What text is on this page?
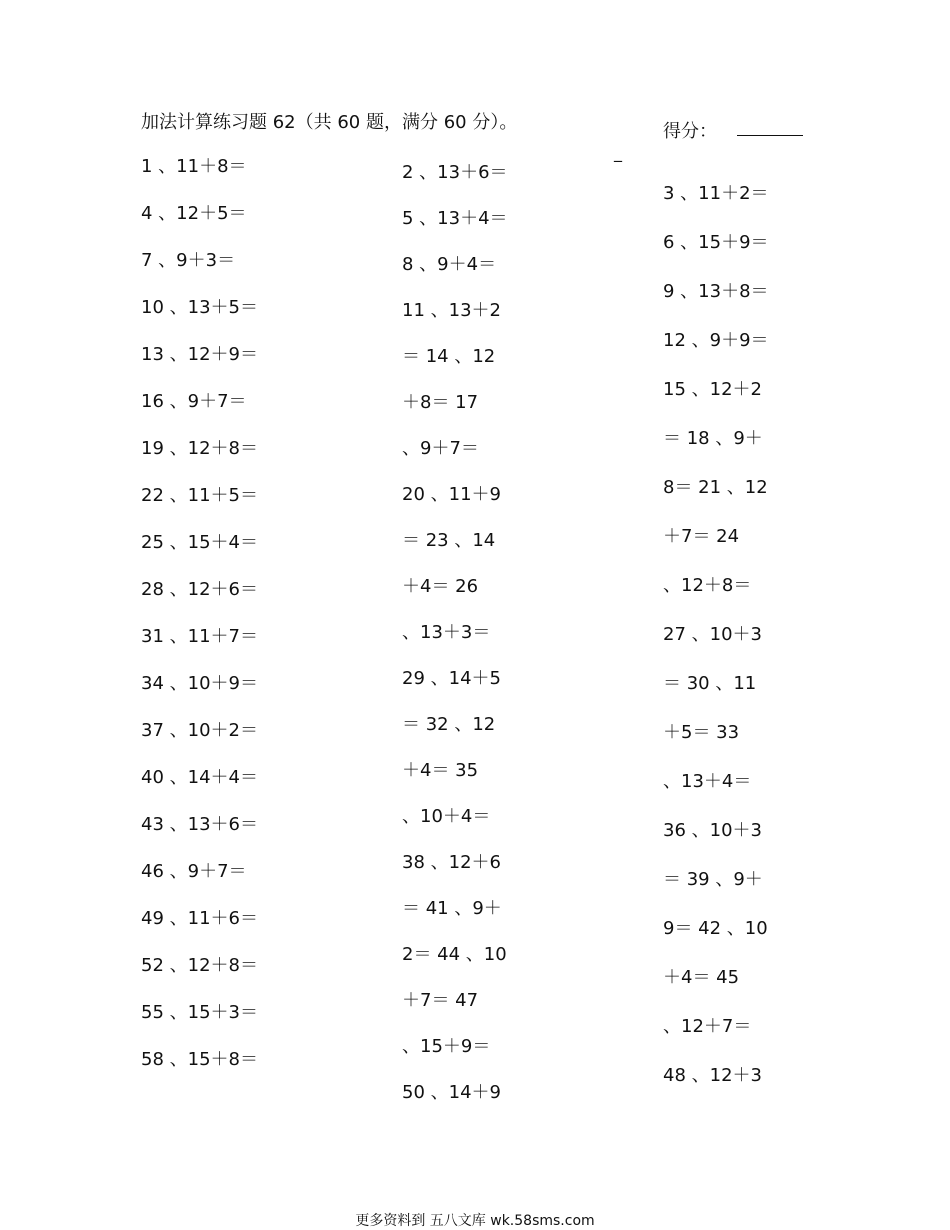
加法计算练习题 62（共 60 题，满分 60 分）。	得分：
_
1 、11＋8＝
4 、12＋5＝
7 、9＋3＝
10 、13＋5＝
13 、12＋9＝
16 、9＋7＝
19 、12＋8＝
22 、11＋5＝
25 、15＋4＝
28 、12＋6＝
31 、11＋7＝
34 、10＋9＝
37 、10＋2＝
40 、14＋4＝
43 、13＋6＝
46 、9＋7＝
49 、11＋6＝
52 、12＋8＝
55 、15＋3＝
58 、15＋8＝
2 、13＋6＝
5 、13＋4＝
8 、9＋4＝
11 、13＋2
＝ 14 、12
＋8＝ 17
、9＋7＝
20 、11＋9
＝ 23 、14
＋4＝ 26
、13＋3＝
29 、14＋5
＝ 32 、12
＋4＝ 35
、10＋4＝
38 、12＋6
＝ 41 、9＋
2＝ 44 、10
＋7＝ 47
、15＋9＝
50 、14＋9
3 、11＋2＝
6 、15＋9＝
9 、13＋8＝
12 、9＋9＝
15 、12＋2
＝ 18 、9＋
8＝ 21 、12
＋7＝ 24
、12＋8＝
27 、10＋3
＝ 30 、11
＋5＝ 33
、13＋4＝
36 、10＋3
＝ 39 、9＋
9＝ 42 、10
＋4＝ 45
、12＋7＝
48 、12＋3
更多资料到 五八文库 wk.58sms.com
